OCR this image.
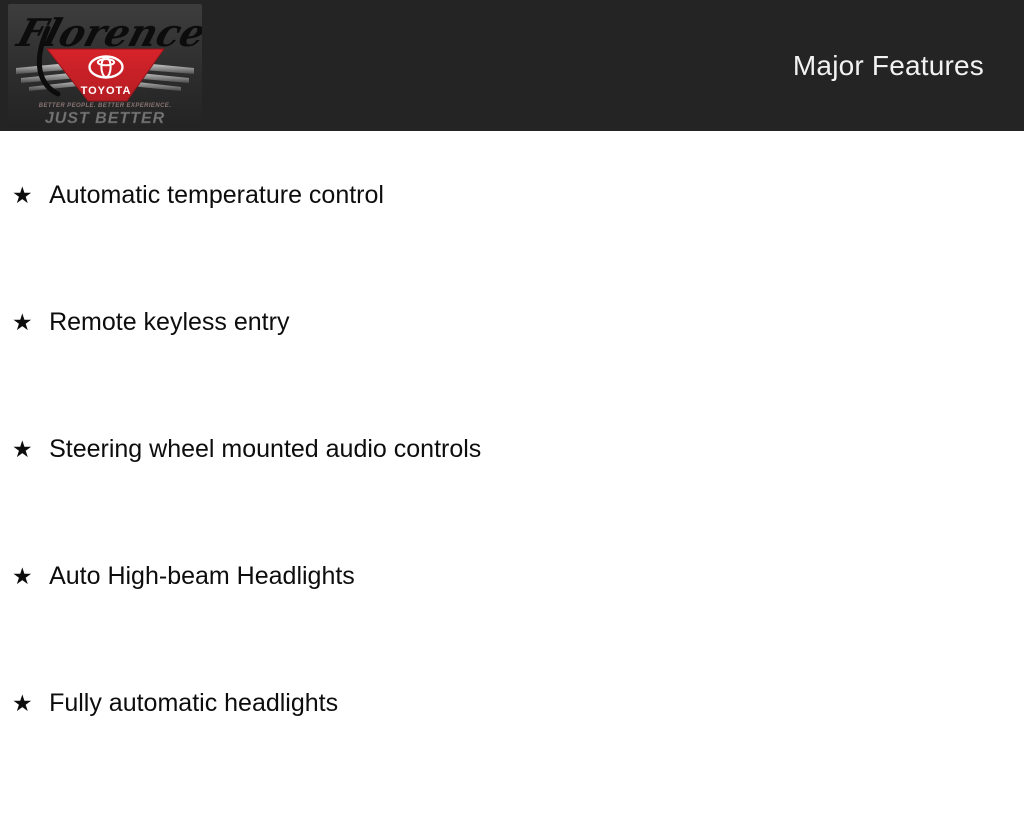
TOYOTA
BETTER PEOPLE. BETTER EXPERIENCE.
JUST BETTER
Florence
Major Features
★ Automatic temperature control
★ Remote keyless entry
★ Steering wheel mounted audio controls
★ Auto High-beam Headlights
★ Fully automatic headlights
